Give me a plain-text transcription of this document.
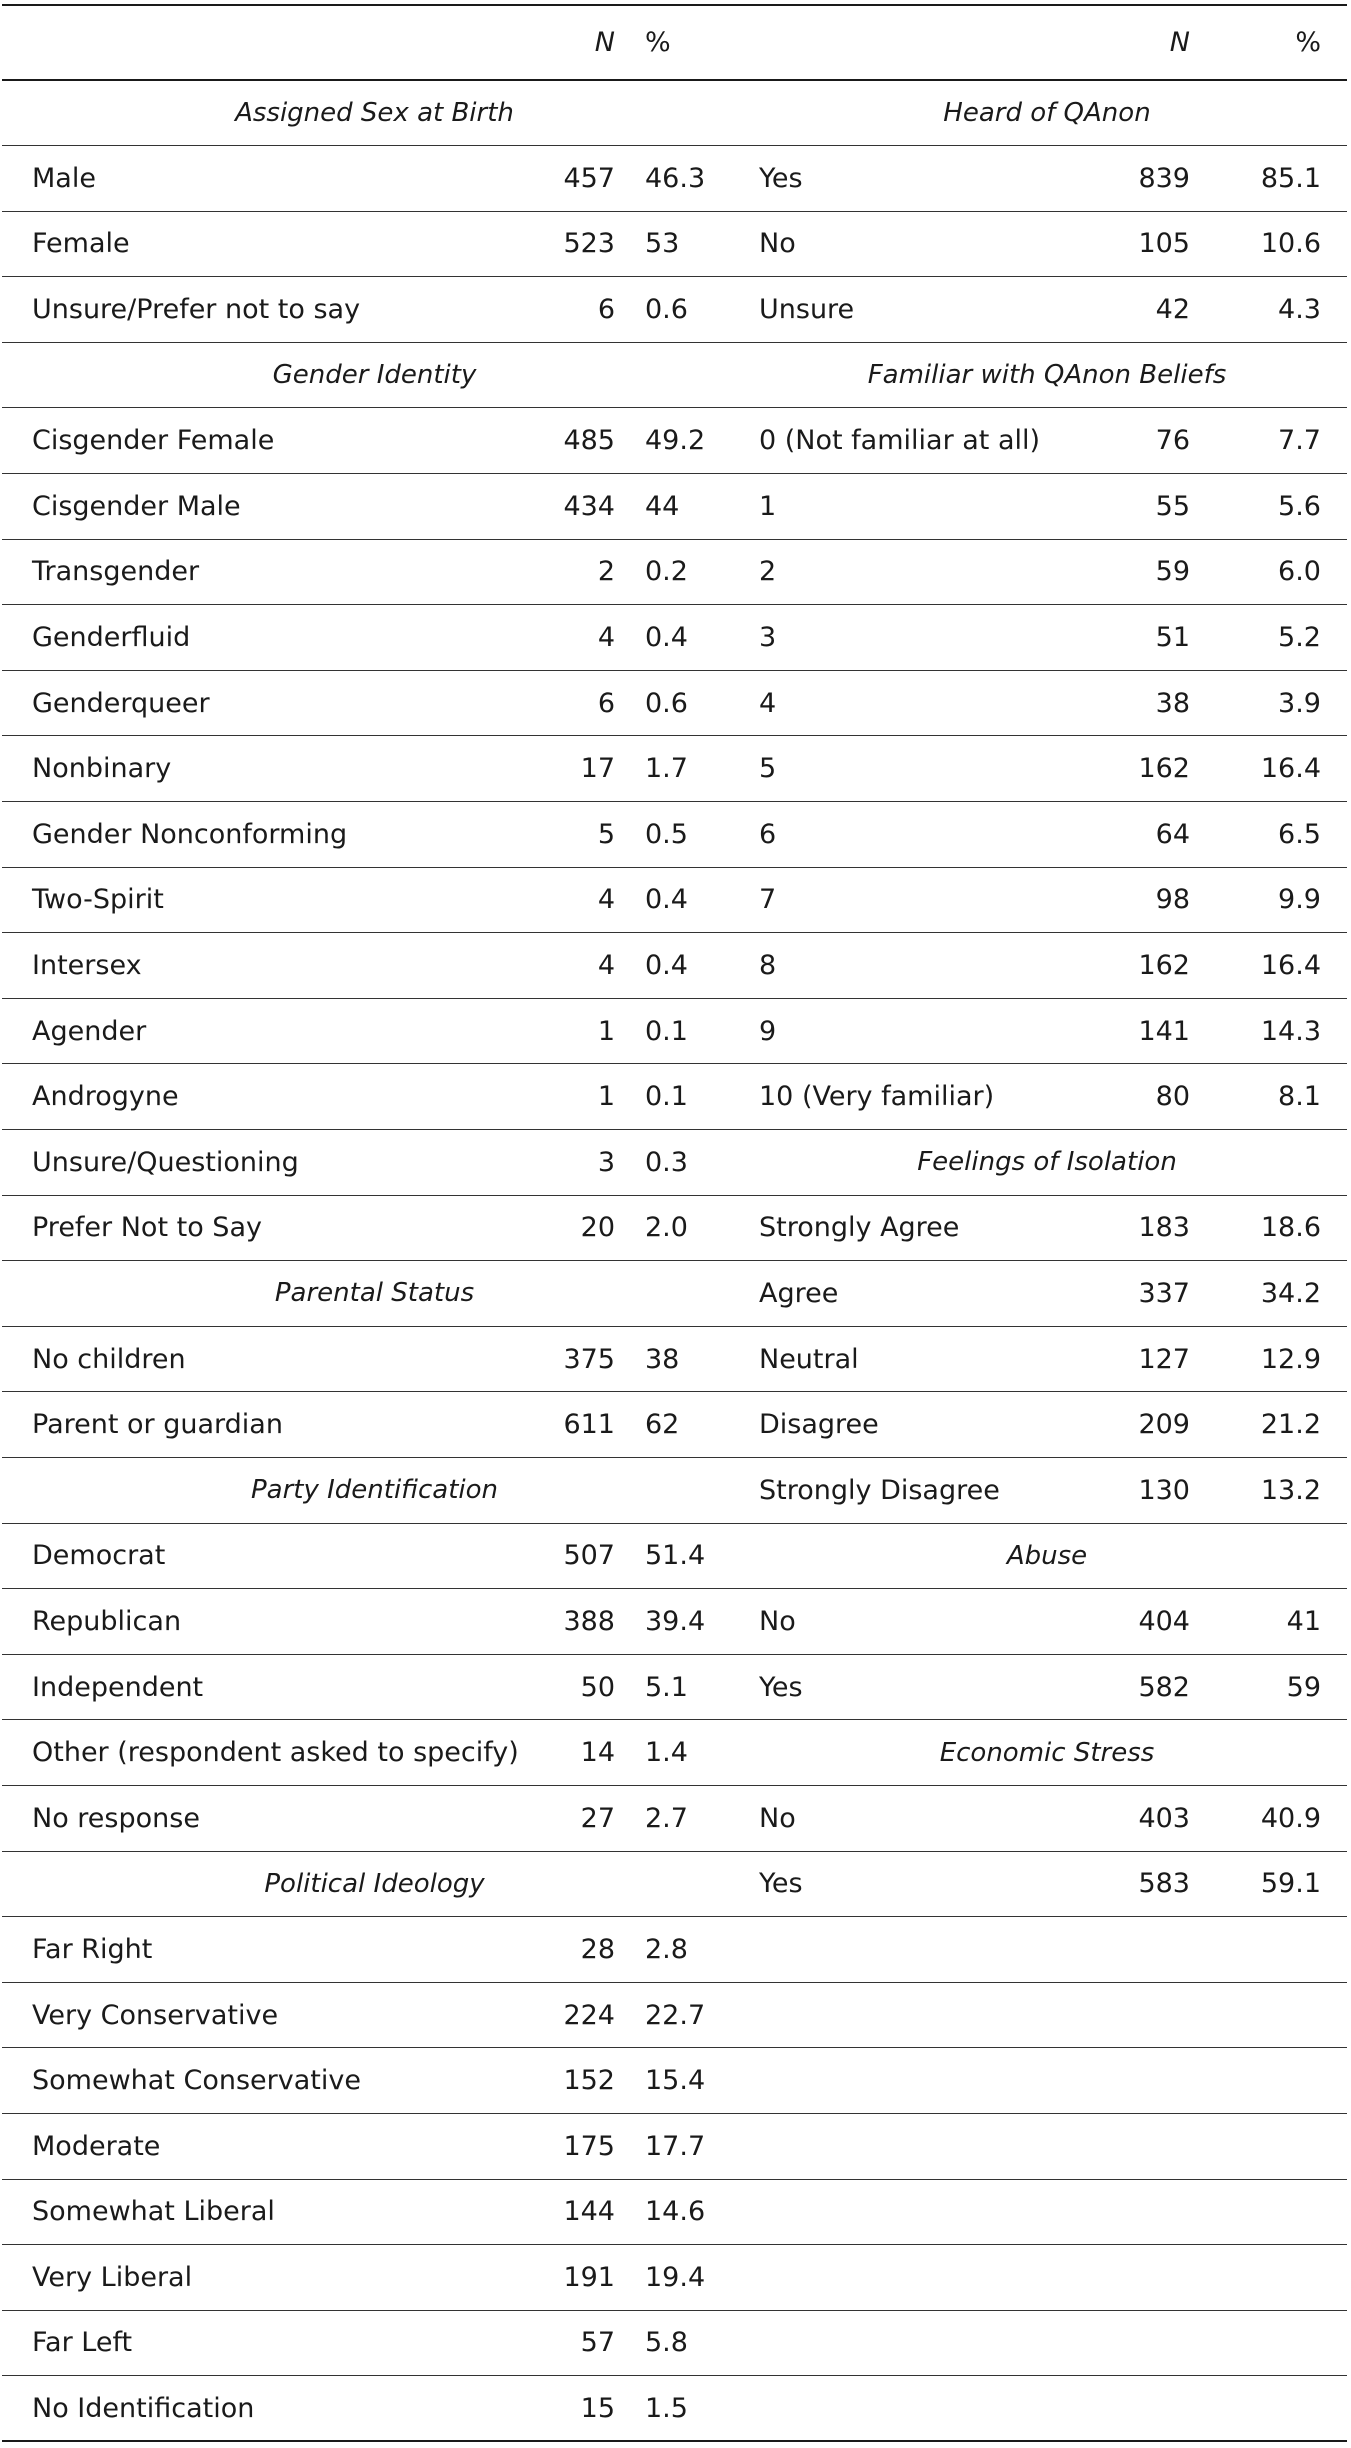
	N	%		N	%
Assigned Sex at Birth			Heard of QAnon		
Male	457	46.3	Yes	839	85.1
Female	523	53	No	105	10.6
Unsure/Prefer not to say	6	0.6	Unsure	42	4.3
Gender Identity			Familiar with QAnon Beliefs		
Cisgender Female	485	49.2	0 (Not familiar at all)	76	7.7
Cisgender Male	434	44	1	55	5.6
Transgender	2	0.2	2	59	6.0
Genderfluid	4	0.4	3	51	5.2
Genderqueer	6	0.6	4	38	3.9
Nonbinary	17	1.7	5	162	16.4
Gender Nonconforming	5	0.5	6	64	6.5
Two-Spirit	4	0.4	7	98	9.9
Intersex	4	0.4	8	162	16.4
Agender	1	0.1	9	141	14.3
Androgyne	1	0.1	10 (Very familiar)	80	8.1
Unsure/Questioning	3	0.3	Feelings of Isolation		
Prefer Not to Say	20	2.0	Strongly Agree	183	18.6
Parental Status			Agree	337	34.2
No children	375	38	Neutral	127	12.9
Parent or guardian	611	62	Disagree	209	21.2
Party Identification			Strongly Disagree	130	13.2
Democrat	507	51.4	Abuse		
Republican	388	39.4	No	404	41
Independent	50	5.1	Yes	582	59
Other (respondent asked to specify)	14	1.4	Economic Stress		
No response	27	2.7	No	403	40.9
Political Ideology			Yes	583	59.1
Far Right	28	2.8			
Very Conservative	224	22.7			
Somewhat Conservative	152	15.4			
Moderate	175	17.7			
Somewhat Liberal	144	14.6			
Very Liberal	191	19.4			
Far Left	57	5.8			
No Identification	15	1.5			
